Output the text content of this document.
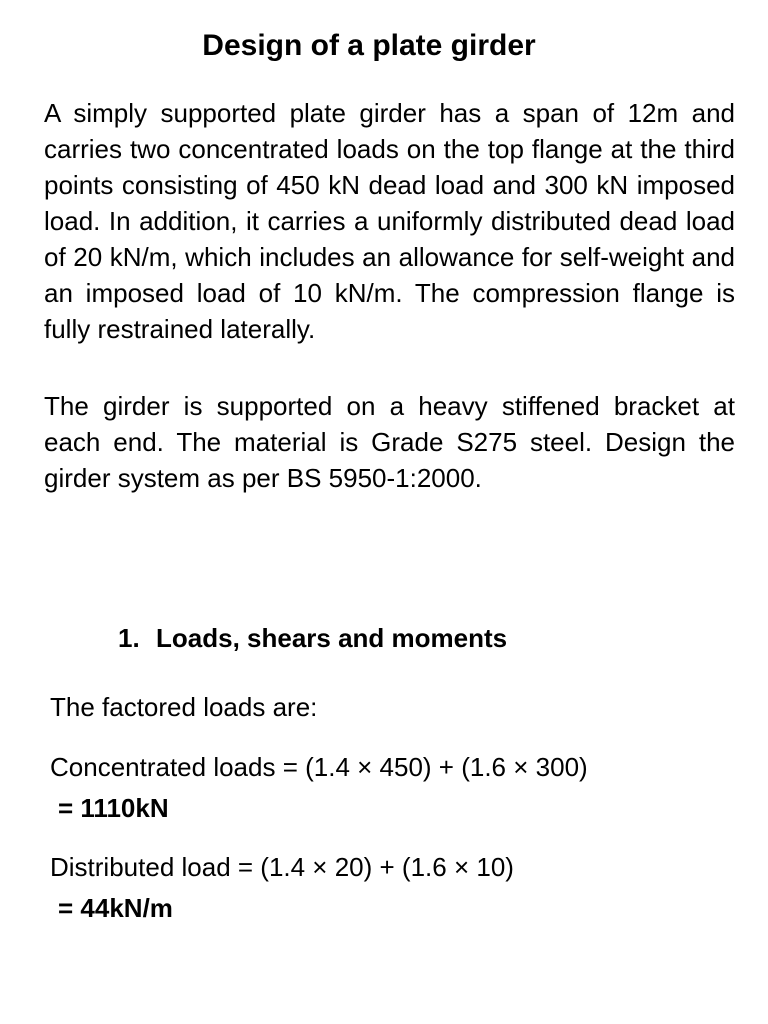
Design of a plate girder

A simply supported plate girder has a span of 12m and carries two concentrated loads on the top flange at the third points consisting of 450 kN dead load and 300 kN imposed load. In addition, it carries a uniformly distributed dead load of 20 kN/m, which includes an allowance for self-weight and an imposed load of 10 kN/m. The compression flange is fully restrained laterally.

The girder is supported on a heavy stiffened bracket at each end. The material is Grade S275 steel. Design the girder system as per BS 5950-1:2000.

1. Loads, shears and moments

The factored loads are:

Concentrated loads = (1.4 × 450) + (1.6 × 300)

= 1110kN

Distributed load = (1.4 × 20) + (1.6 × 10)

= 44kN/m
